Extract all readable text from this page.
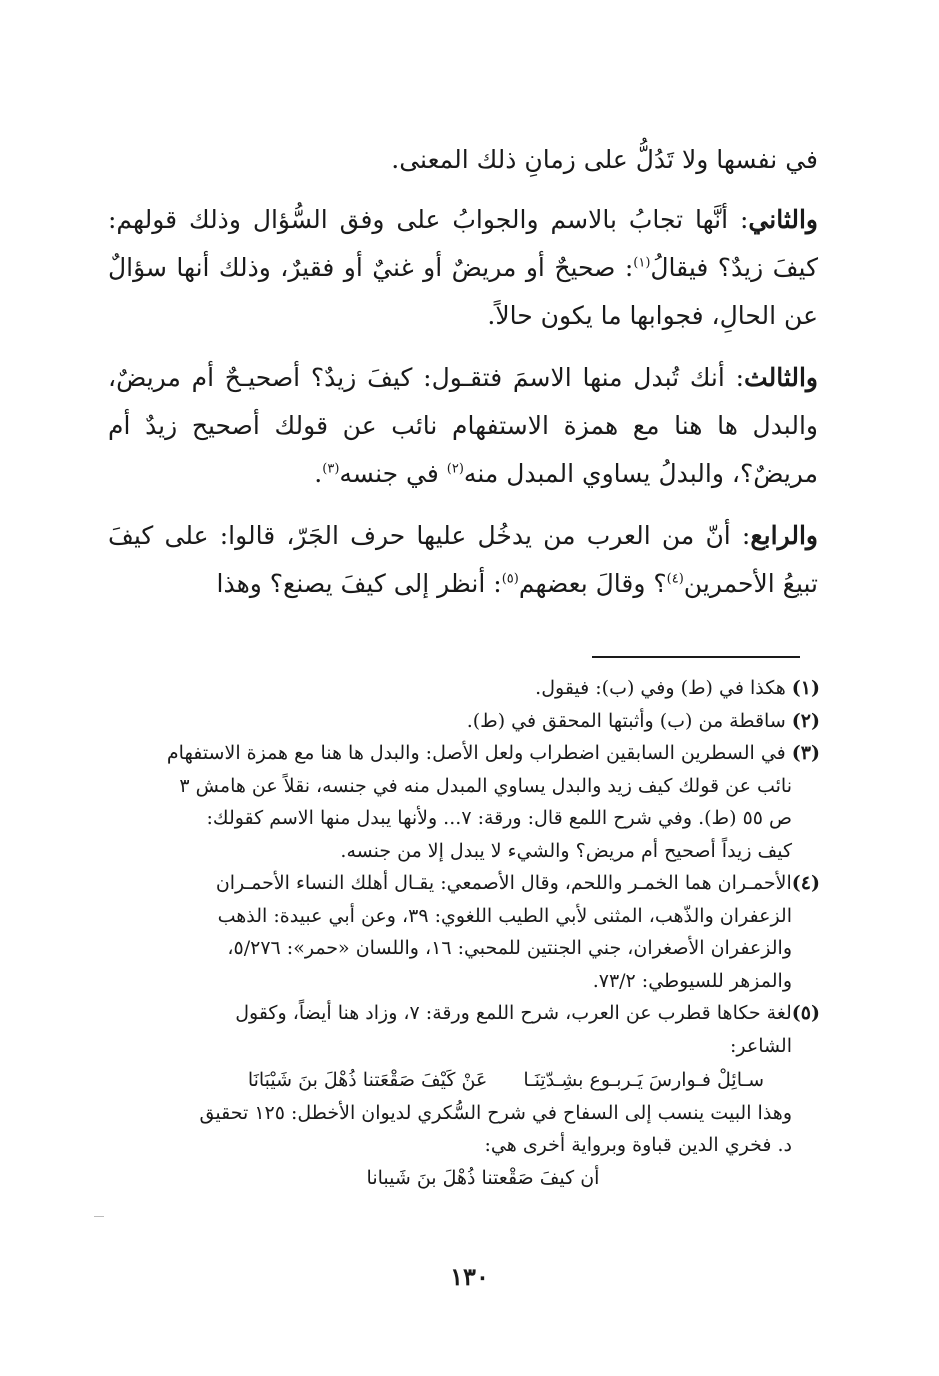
في نفسها ولا تَدُلُّ على زمانِ ذلك المعنى.

والثاني: أنَّها تجابُ بالاسم والجوابُ على وفق السُّؤال وذلك قولهم: كيفَ زيدٌ؟ فيقالُ$^{(١)}$: صحيحٌ أو مريضٌ أو غنيٌ أو فقيرٌ، وذلك أنها سؤالٌ عن الحالِ، فجوابها ما يكون حالاً.

والثالث: أنك تُبدل منها الاسمَ فتقـول: كيفَ زيدٌ؟ أصحيـحٌ أم مريضٌ، والبدل ها هنا مع همزة الاستفهام نائب عن قولك أصحيح زيدٌ أم مريضٌ؟، والبدلُ يساوي المبدل منه$^{(٢)}$ في جنسه$^{(٣)}$.

والرابع: أنّ من العرب من يدخُل عليها حرف الجَرّ، قالوا: على كيفَ تبيعُ الأحمرين$^{(٤)}$؟ وقالَ بعضهم$^{(٥)}$: أنظر إلى كيفَ يصنع؟ وهذا

(١) هكذا في (ط) وفي (ب): فيقول.
(٢) ساقطة من (ب) وأثبتها المحقق في (ط).
(٣) في السطرين السابقين اضطراب ولعل الأصل: والبدل ها هنا مع همزة الاستفهام
نائب عن قولك كيف زيد والبدل يساوي المبدل منه في جنسه، نقلاً عن هامش ٣
ص ٥٥ (ط). وفي شرح اللمع قال: ورقة: ٧... ولأنها يبدل منها الاسم كقولك:
كيف زيداً أصحيح أم مريض؟ والشيء لا يبدل إلا من جنسه.
(٤)الأحمـران هما الخمـر واللحم، وقال الأصمعي: يقـال أهلك النساء الأحمـران
الزعفران والذّهب، المثنى لأبي الطيب اللغوي: ٣٩، وعن أبي عبيدة: الذهب
والزعفران الأصغران، جني الجنتين للمحبي: ١٦، واللسان «حمر»: ٥/٢٧٦،
والمزهر للسيوطي: ٧٣/٢.
(٥)لغة حكاها قطرب عن العرب، شرح اللمع ورقة: ٧، وزاد هنا أيضاً، وكقول
الشاعر:
سـائِلْ فـوارسَ يَـربـوع بشِـدّتِنَـا
عَنْ كَيْفَ صَقْعَتنا ذُهْلَ بنَ شَيْبَانَا
وهذا البيت ينسب إلى السفاح في شرح السُّكري لديوان الأخطل: ١٢٥ تحقيق
د. فخري الدين قباوة وبرواية أخرى هي:
أن كيفَ صَقْعتنا ذُهْلَ بنَ شَيبانا
١٣٠
